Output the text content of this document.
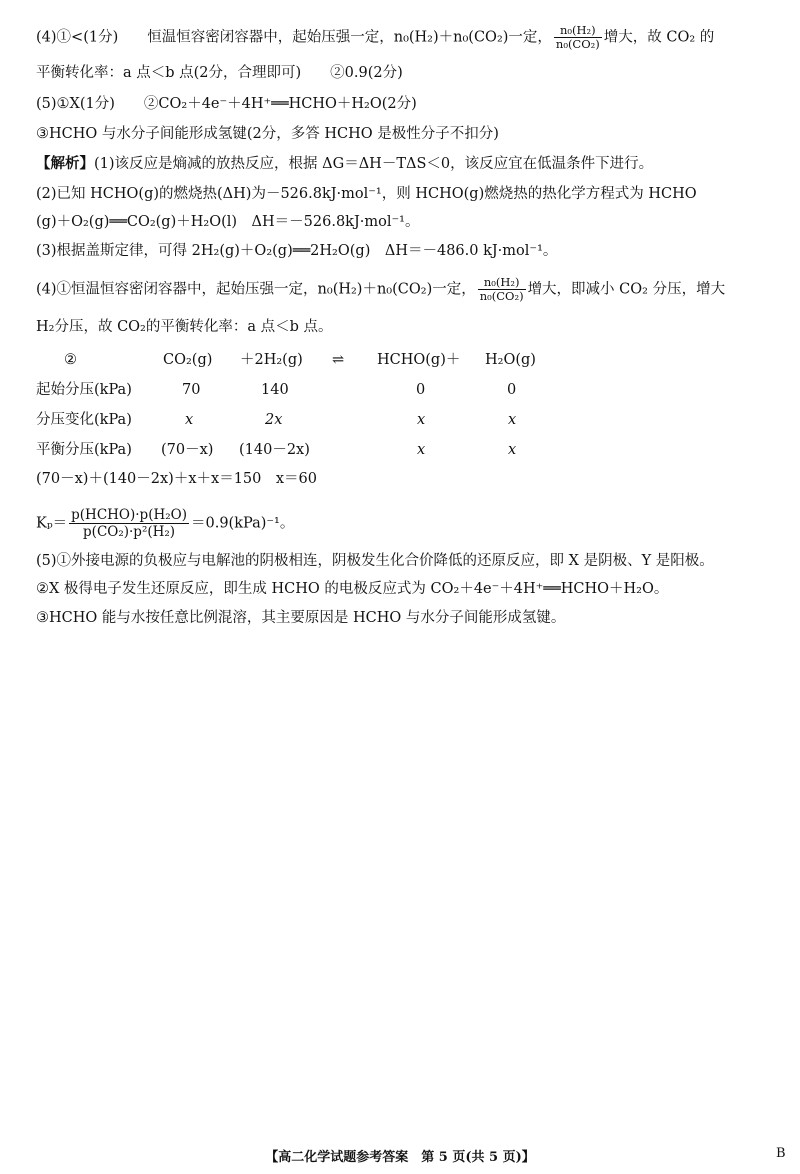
(4)①<(1分)　　恒温恒容密闭容器中，起始压强一定，n₀(H₂)＋n₀(CO₂)一定， $\frac{\text{n₀(H₂)}}{\text{n₀(CO₂)}}$ 增大，故 CO₂ 的
平衡转化率：a 点＜b 点(2分，合理即可)　　②0.9(2分)
(5)①X(1分)　　②CO₂＋4e⁻＋4H⁺══HCHO＋H₂O(2分)
③HCHO 与水分子间能形成氢键(2分，多答 HCHO 是极性分子不扣分)
【解析】(1)该反应是熵减的放热反应，根据 ΔG＝ΔH－TΔS＜0，该反应宜在低温条件下进行。
(2)已知 HCHO(g)的燃烧热(ΔH)为－526.8kJ·mol⁻¹，则 HCHO(g)燃烧热的热化学方程式为 HCHO
(g)＋O₂(g)══CO₂(g)＋H₂O(l)　ΔH＝－526.8kJ·mol⁻¹。
(3)根据盖斯定律，可得 2H₂(g)＋O₂(g)══2H₂O(g)　ΔH＝－486.0 kJ·mol⁻¹。
(4)①恒温恒容密闭容器中，起始压强一定，n₀(H₂)＋n₀(CO₂)一定， $\frac{\text{n₀(H₂)}}{\text{n₀(CO₂)}}$ 增大，即减小 CO₂ 分压，增大
H₂分压，故 CO₂的平衡转化率：a 点＜b 点。
②	CO₂(g) ＋2H₂(g) ⇌ HCHO(g)＋ H₂O(g)
起始分压(kPa)	70	140	0	0
分压变化(kPa)	x	2x	x	x
平衡分压(kPa) (70－x) (140－2x)	x	x
(70－x)＋(140－2x)＋x＋x＝150　x＝60
$K_p= \frac{\text{p(HCHO)·p(H₂O)}}{\text{p(CO₂)·p²(H₂)}} =0.9(kPa)^{-1}$。
(5)①外接电源的负极应与电解池的阴极相连，阴极发生化合价降低的还原反应，即 X 是阴极、Y 是阳极。
②X 极得电子发生还原反应，即生成 HCHO 的电极反应式为 CO₂＋4e⁻＋4H⁺══HCHO＋H₂O。
③HCHO 能与水按任意比例混溶，其主要原因是 HCHO 与水分子间能形成氢键。
【高二化学试题参考答案　第 5 页(共 5 页)】	B
